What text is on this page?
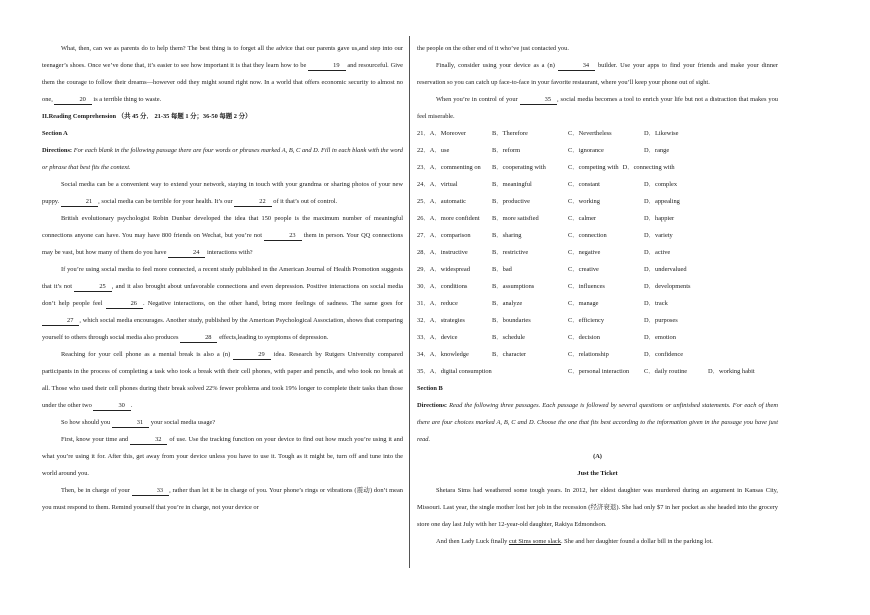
What, then, can we as parents do to help them? The best thing is to forget all the advice that our parents gave us,and step into our teenager’s shoes. Once we’ve done that, it’s easier to see how important it is that they learn how to be	19 and resourceful. Give them the courage to follow their dreams—however odd they might sound right now. In a world that offers economic security to almost no one,	20 is a terrible thing to waste.

II.Reading Comprehension （共 45 分． 21-35 每题 1 分；36-50 每题 2 分）

Section A

Directions: For each blank in the following passage there are four words or phrases marked A, B, C and D. Fill in each blank with the word or phrase that best fits the context.

Social media can be a convenient way to extend your network, staying in touch with your grandma or sharing photos of your new puppy.	21 , social media can be terrible for your health. It’s our	22 of it that’s out of control.

British evolutionary psychologist Robin Dunbar developed the idea that 150 people is the maximum number of meaningful connections anyone can have. You may have 800 friends on Wechat, but you’re not	23 them in person. Your QQ connections may be vast, but how many of them do you have	24 interactions with?

If you’re using social media to feel more connected, a recent study published in the American Journal of Health Promotion suggests that it’s not	25 , and it also brought about unfavorable connections and even depression. Positive interactions on social media don’t help people feel	26 . Negative interactions, on the other hand, bring more feelings of sadness. The same goes for 27 , which social media encourages. Another study, published by the American Psychological Association, shows that comparing yourself to others through social media also produces	28 effects,leading to symptoms of depression.

Reaching for your cell phone as a mental break is also a (n)	29 idea. Research by Rutgers University compared participants in the process of completing a task who took a break with their cell phones, with paper and pencils, and who took no break at all. Those who used their cell phones during their break solved 22% fewer problems and took 19% longer to complete their tasks than those under the other two	30 .

So how should you	31 your social media usage?

First, know your time and	32 of use. Use the tracking function on your device to find out how much you’re using it and what you’re using it for. After this, get away from your device unless you have to use it. Tough as it might be, turn off and tune into the world around you.

Then, be in charge of your	33 , rather than let it be in charge of you. Your phone’s rings or vibrations (震动) don’t mean you must respond to them. Remind yourself that you’re in charge, not your device or

the people on the other end of it who’ve just contacted you.

Finally, consider using your device as a (n)	34 builder. Use your apps to find your friends and make your dinner reservation so you can catch up face-to-face in your favorite restaurant, where you’ll keep your phone out of sight.

When you’re in control of your	35 , social media becomes a tool to enrich your life but not a distraction that makes you feel miserable.

21．A．Moreover	B．Therefore	C．Nevertheless	D．Likewise
22．A．use	B．reform	C．ignorance	D．range
23．A．commenting on	B．cooperating with	C．competing with D．connecting with
24．A．virtual	B．meaningful	C．constant	D．complex
25．A．automatic	B．productive	C．working	D．appealing
26．A．more confident	B．more satisfied	C．calmer	D．happier
27．A．comparison	B．sharing	C．connection	D．variety
28．A．instructive	B．restrictive	C．negative	D．active
29．A．widespread	B．bad	C．creative	D．undervalued
30．A．conditions	B．assumptions	C．influences	D．developments
31．A．reduce	B．analyze	C．manage	D．track
32．A．strategies	B．boundaries	C．efficiency	D．purposes
33．A．device	B．schedule	C．decision	D．emotion
34．A．knowledge	B．character	C．relationship	D．confidence
35．A．digital consumption	C．personal interaction	C．daily routine	D．working habit

Section B

Directions: Read the following three passages. Each passage is followed by several questions or unfinished statements. For each of them there are four choices marked A, B, C and D. Choose the one that fits best according to the information given in the passage you have just read.

(A)

Just the Ticket

Shetara Sims had weathered some tough years. In 2012, her eldest daughter was murdered during an argument in Kansas City, Missouri. Last year, the single mother lost her job in the recession (经济衰退). She had only $7 in her pocket as she headed into the grocery store one day last July with her 12-year-old daughter, Rakiya Edmondson.

And then Lady Luck finally cut Sims some slack. She and her daughter found a dollar bill in the parking lot.
